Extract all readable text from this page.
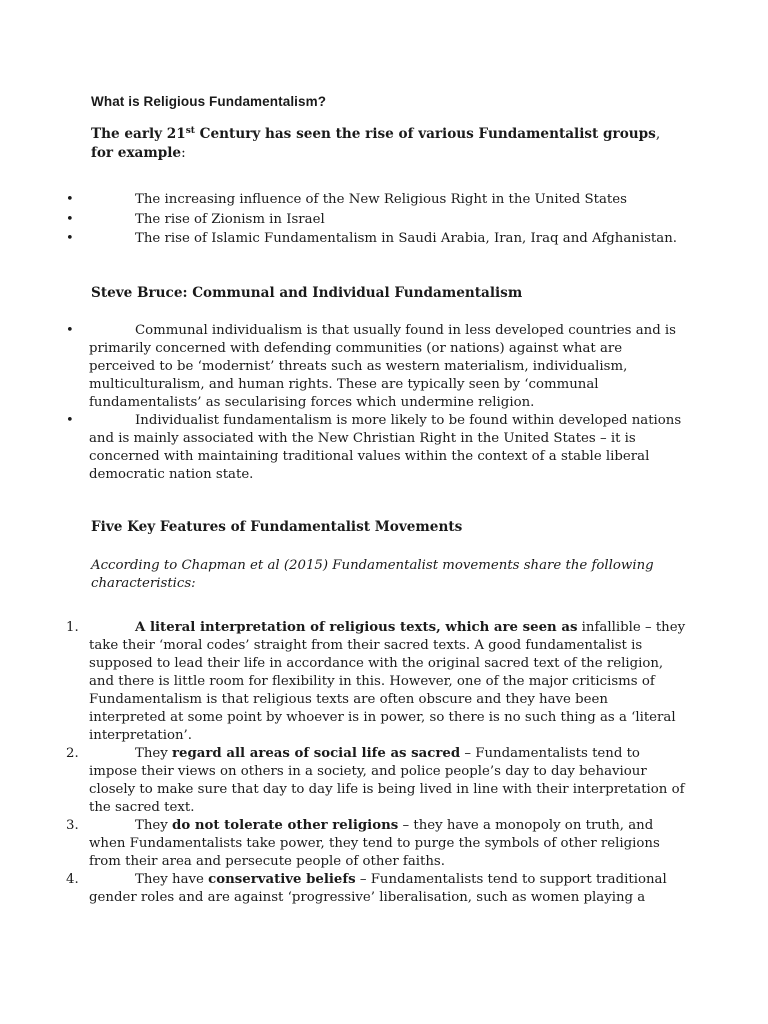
What is Religious Fundamentalism?
The early 21st Century has seen the rise of various Fundamentalist groups,
for example:
•	The increasing influence of the New Religious Right in the United States
•	The rise of Zionism in Israel
•	The rise of Islamic Fundamentalism in Saudi Arabia, Iran, Iraq and Afghanistan.
Steve Bruce: Communal and Individual Fundamentalism
•	Communal individualism is that usually found in less developed countries and is primarily concerned with defending communities (or nations) against what are perceived to be ‘modernist’ threats such as western materialism, individualism, multiculturalism, and human rights. These are typically seen by ‘communal fundamentalists’ as secularising forces which undermine religion.
•	Individualist fundamentalism is more likely to be found within developed nations and is mainly associated with the New Christian Right in the United States – it is concerned with maintaining traditional values within the context of a stable liberal democratic nation state.
Five Key Features of Fundamentalist Movements
According to Chapman et al (2015) Fundamentalist movements share the following characteristics:
1.	A literal interpretation of religious texts, which are seen as infallible – they take their ‘moral codes’ straight from their sacred texts. A good fundamentalist is supposed to lead their life in accordance with the original sacred text of the religion, and there is little room for flexibility in this. However, one of the major criticisms of Fundamentalism is that religious texts are often obscure and they have been interpreted at some point by whoever is in power, so there is no such thing as a ‘literal interpretation’.
2.	They regard all areas of social life as sacred – Fundamentalists tend to impose their views on others in a society, and police people’s day to day behaviour closely to make sure that day to day life is being lived in line with their interpretation of the sacred text.
3.	They do not tolerate other religions – they have a monopoly on truth, and when Fundamentalists take power, they tend to purge the symbols of other religions from their area and persecute people of other faiths.
4.	They have conservative beliefs – Fundamentalists tend to support traditional gender roles and are against ‘progressive’ liberalisation, such as women playing a
